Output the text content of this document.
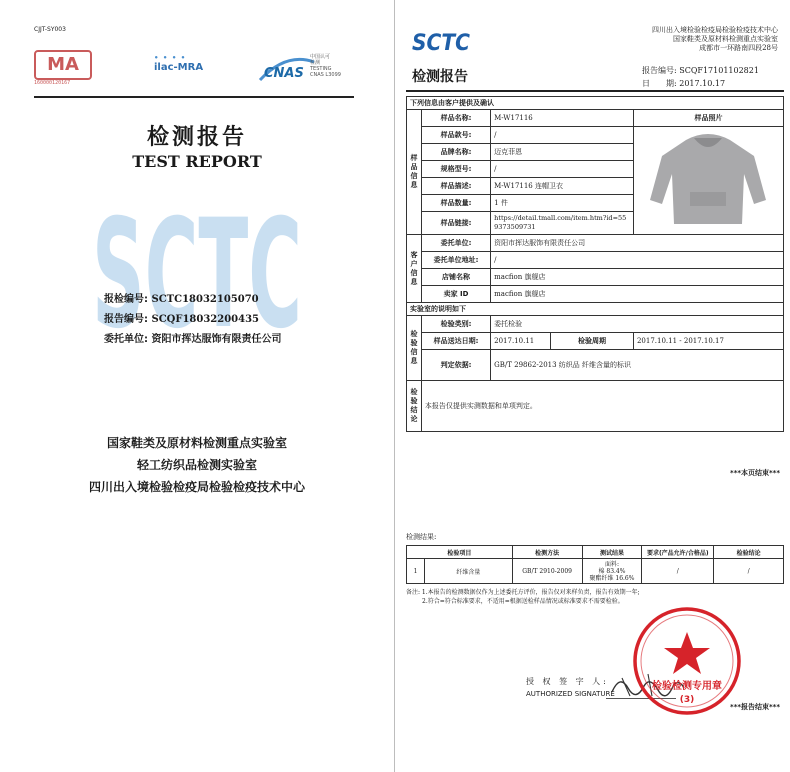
CJJT-SY003
MA
160000120167
• • • •
ilac-MRA	CNAS
中国认可
检测
TESTING
CNAS L3099
检测报告
TEST REPORT
SCTC
报检编号: SCTC18032105070
报告编号: SCQF18032200435
委托单位: 资阳市挥达服饰有限责任公司
国家鞋类及原材料检测重点实验室
轻工纺织品检测实验室
四川出入境检验检疫局检验检疫技术中心
SCTC
四川出入境检验检疫局检验检疫技术中心
国家鞋类及原材料检测重点实验室
成都市一环路南四段28号
检测报告	报告编号: SCQF17101102821
日　　期: 2017.10.17
下列信息由客户提供及确认				

样
品
信
息	样品名称:	M-W17116		样品照片
	样品款号:	/	
	品牌名称:	迈克菲恩		
	规格型号:	/		
	样品描述:	M-W17116 连帽卫衣		
	样品数量:	1 件		
	样品链接:	https://detail.tmall.com/item.htm?id=559373509731		

客
户
信
息	委托单位:	资阳市挥达服饰有限责任公司		
	委托单位地址:	/		
	店铺名称	macfion 旗舰店		
	卖家 ID	macfion 旗舰店		
实验室的说明如下				

检
验
信
息	检验类别:	委托检验		
	样品送达日期:	2017.10.11	检验周期	2017.10.11 - 2017.10.17
	判定依据:	GB/T 29862-2013 纺织品 纤维含量的标识		

检
验
结
论	本报告仅提供实测数据和单项判定。			
***本页结束***
检测结果:
检验项目		检测方法	测试结果	要求(产品允许/合格品)	检验结论
1	纤维含量	GB/T 2910-2009	面料:
棉 83.4%
聚酯纤维 16.6%	/	/
备注: 1.本报告的检测数据仅作为上述委托方评价，报告仅对来样负责，报告有效期一年;
2.符合=符合标准要求，不适用=根据送检样品情况或标准要求不需要检验。
授 权 签 字 人:
AUTHORIZED SIGNATURE
检验检测专用章
(3)
***报告结束***
